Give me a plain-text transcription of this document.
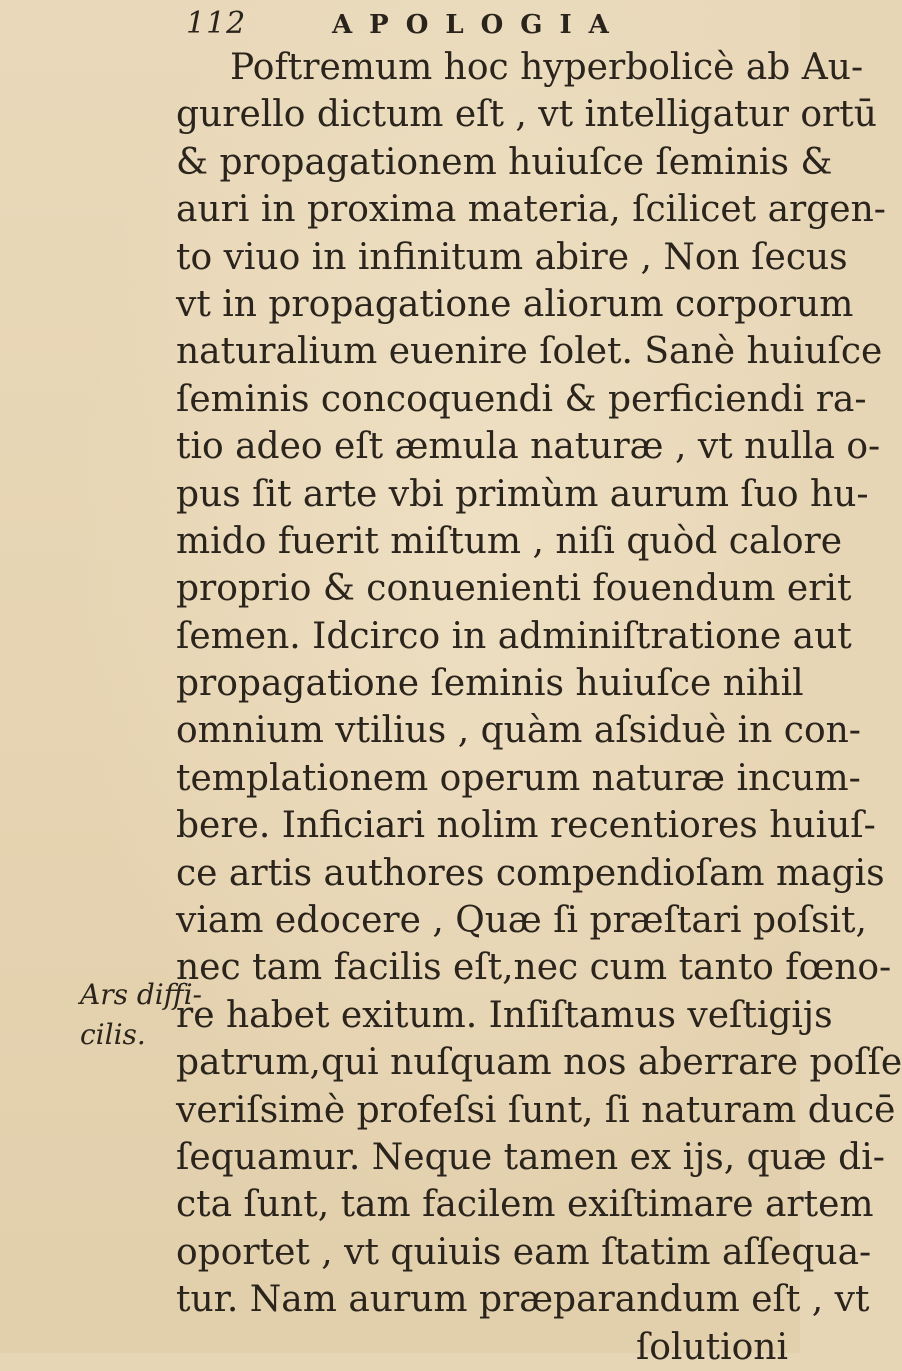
112	APOLOGIA
Ars diffi-
cilis.
Poftremum hoc hyperbolicè ab Au-
gurello dictum eſt , vt intelligatur ortū
& propagationem huiuſce ſeminis &
auri in proxima materia, ſcilicet argen-
to viuo in infinitum abire , Non ſecus
vt in propagatione aliorum corporum
naturalium euenire ſolet. Sanè huiuſce
ſeminis concoquendi & perficiendi ra-
tio adeo eſt æmula naturæ , vt nulla o-
pus ſit arte vbi primùm aurum ſuo hu-
mido fuerit miſtum , niſi quòd calore
proprio & conuenienti fouendum erit
ſemen. Idcirco in adminiſtratione aut
propagatione ſeminis huiuſce nihil
omnium vtilius , quàm aſsiduè in con-
templationem operum naturæ incum-
bere. Inficiari nolim recentiores huiuſ-
ce artis authores compendioſam magis
viam edocere , Quæ ſi præſtari poſsit,
nec tam facilis eſt,nec cum tanto fœno-
re habet exitum. Inſiſtamus veſtigijs
patrum,qui nuſquam nos aberrare poſſe
verіſsimè profeſsi ſunt, ſi naturam ducē
ſequamur. Neque tamen ex ijs, quæ di-
cta ſunt, tam facilem exiſtimare artem
oportet , vt quiuis eam ſtatim aſſequa-
tur. Nam aurum præparandum eſt , vt
ſolutioni
